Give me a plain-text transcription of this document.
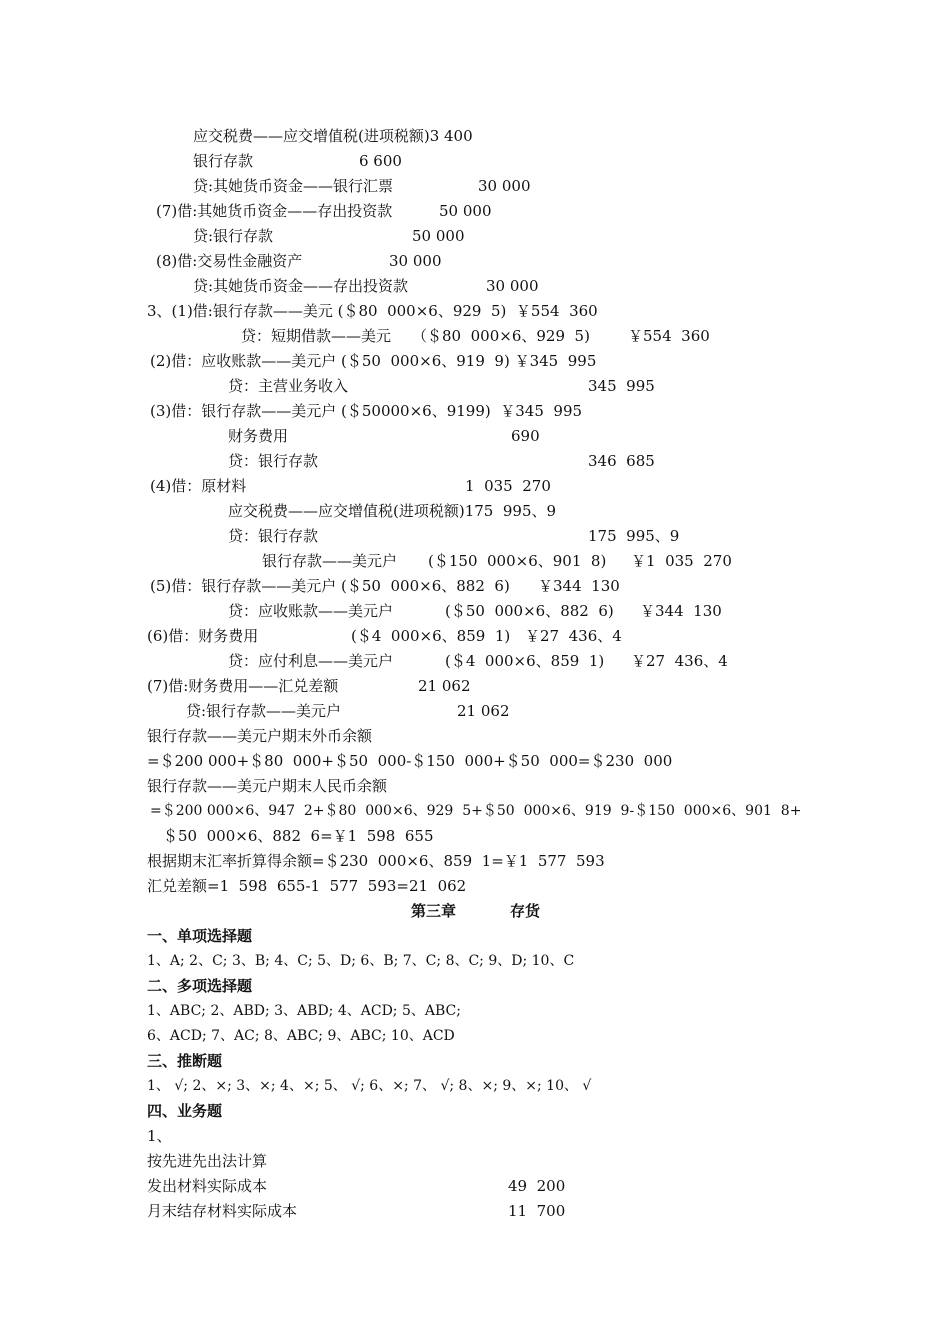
应交税费——应交增值税(进项税额)3 400
银行存款	6 600
贷:其她货币资金——银行汇票	30 000
(7)借:其她货币资金——存出投资款	50 000
贷:银行存款	50 000
(8)借:交易性金融资产	30 000
贷:其她货币资金——存出投资款	30 000
3、(1)借:银行存款——美元 (＄80  000×6、929  5)  ￥554  360
贷：短期借款——美元 （＄80  000×6、929  5)	￥554  360
(2)借：应收账款——美元户 (＄50  000×6、919  9) ￥345  995
贷：主营业务收入	345  995
(3)借：银行存款——美元户 (＄50000×6、9199)  ￥345  995
财务费用	690
贷：银行存款	346  685
(4)借：原材料	1  035  270
应交税费——应交增值税(进项税额)175  995、9
贷：银行存款	175  995、9
银行存款——美元户 (＄150  000×6、901  8) ￥1  035  270
(5)借：银行存款——美元户 (＄50  000×6、882  6) ￥344  130
贷：应收账款——美元户	(＄50  000×6、882  6) ￥344  130
(6)借：财务费用	(＄4  000×6、859  1) ￥27  436、4
贷：应付利息——美元户	(＄4  000×6、859  1) ￥27  436、4
(7)借:财务费用——汇兑差额	21 062
贷:银行存款——美元户	21 062
银行存款——美元户期末外币余额
=＄200 000+＄80  000+＄50  000-＄150  000+＄50  000=＄230  000
银行存款——美元户期末人民币余额
=＄200 000×6、947  2+＄80  000×6、929  5+＄50  000×6、919  9-＄150  000×6、901  8+
＄50  000×6、882  6=￥1  598  655
根据期末汇率折算得余额=＄230  000×6、859  1=￥1  577  593
汇兑差额=1  598  655-1  577  593=21  062
第三章	存货
一、单项选择题
1、A; 2、C; 3、B; 4、C; 5、D; 6、B; 7、C; 8、C; 9、D; 10、C
二、多项选择题
1、ABC; 2、ABD; 3、ABD; 4、ACD; 5、ABC;
6、ACD; 7、AC; 8、ABC; 9、ABC; 10、ACD
三、推断题
1、 √; 2、×; 3、×; 4、×; 5、 √; 6、×; 7、 √; 8、×; 9、×; 10、 √
四、业务题
1、
按先进先出法计算
发出材料实际成本	49  200
月末结存材料实际成本	11  700
